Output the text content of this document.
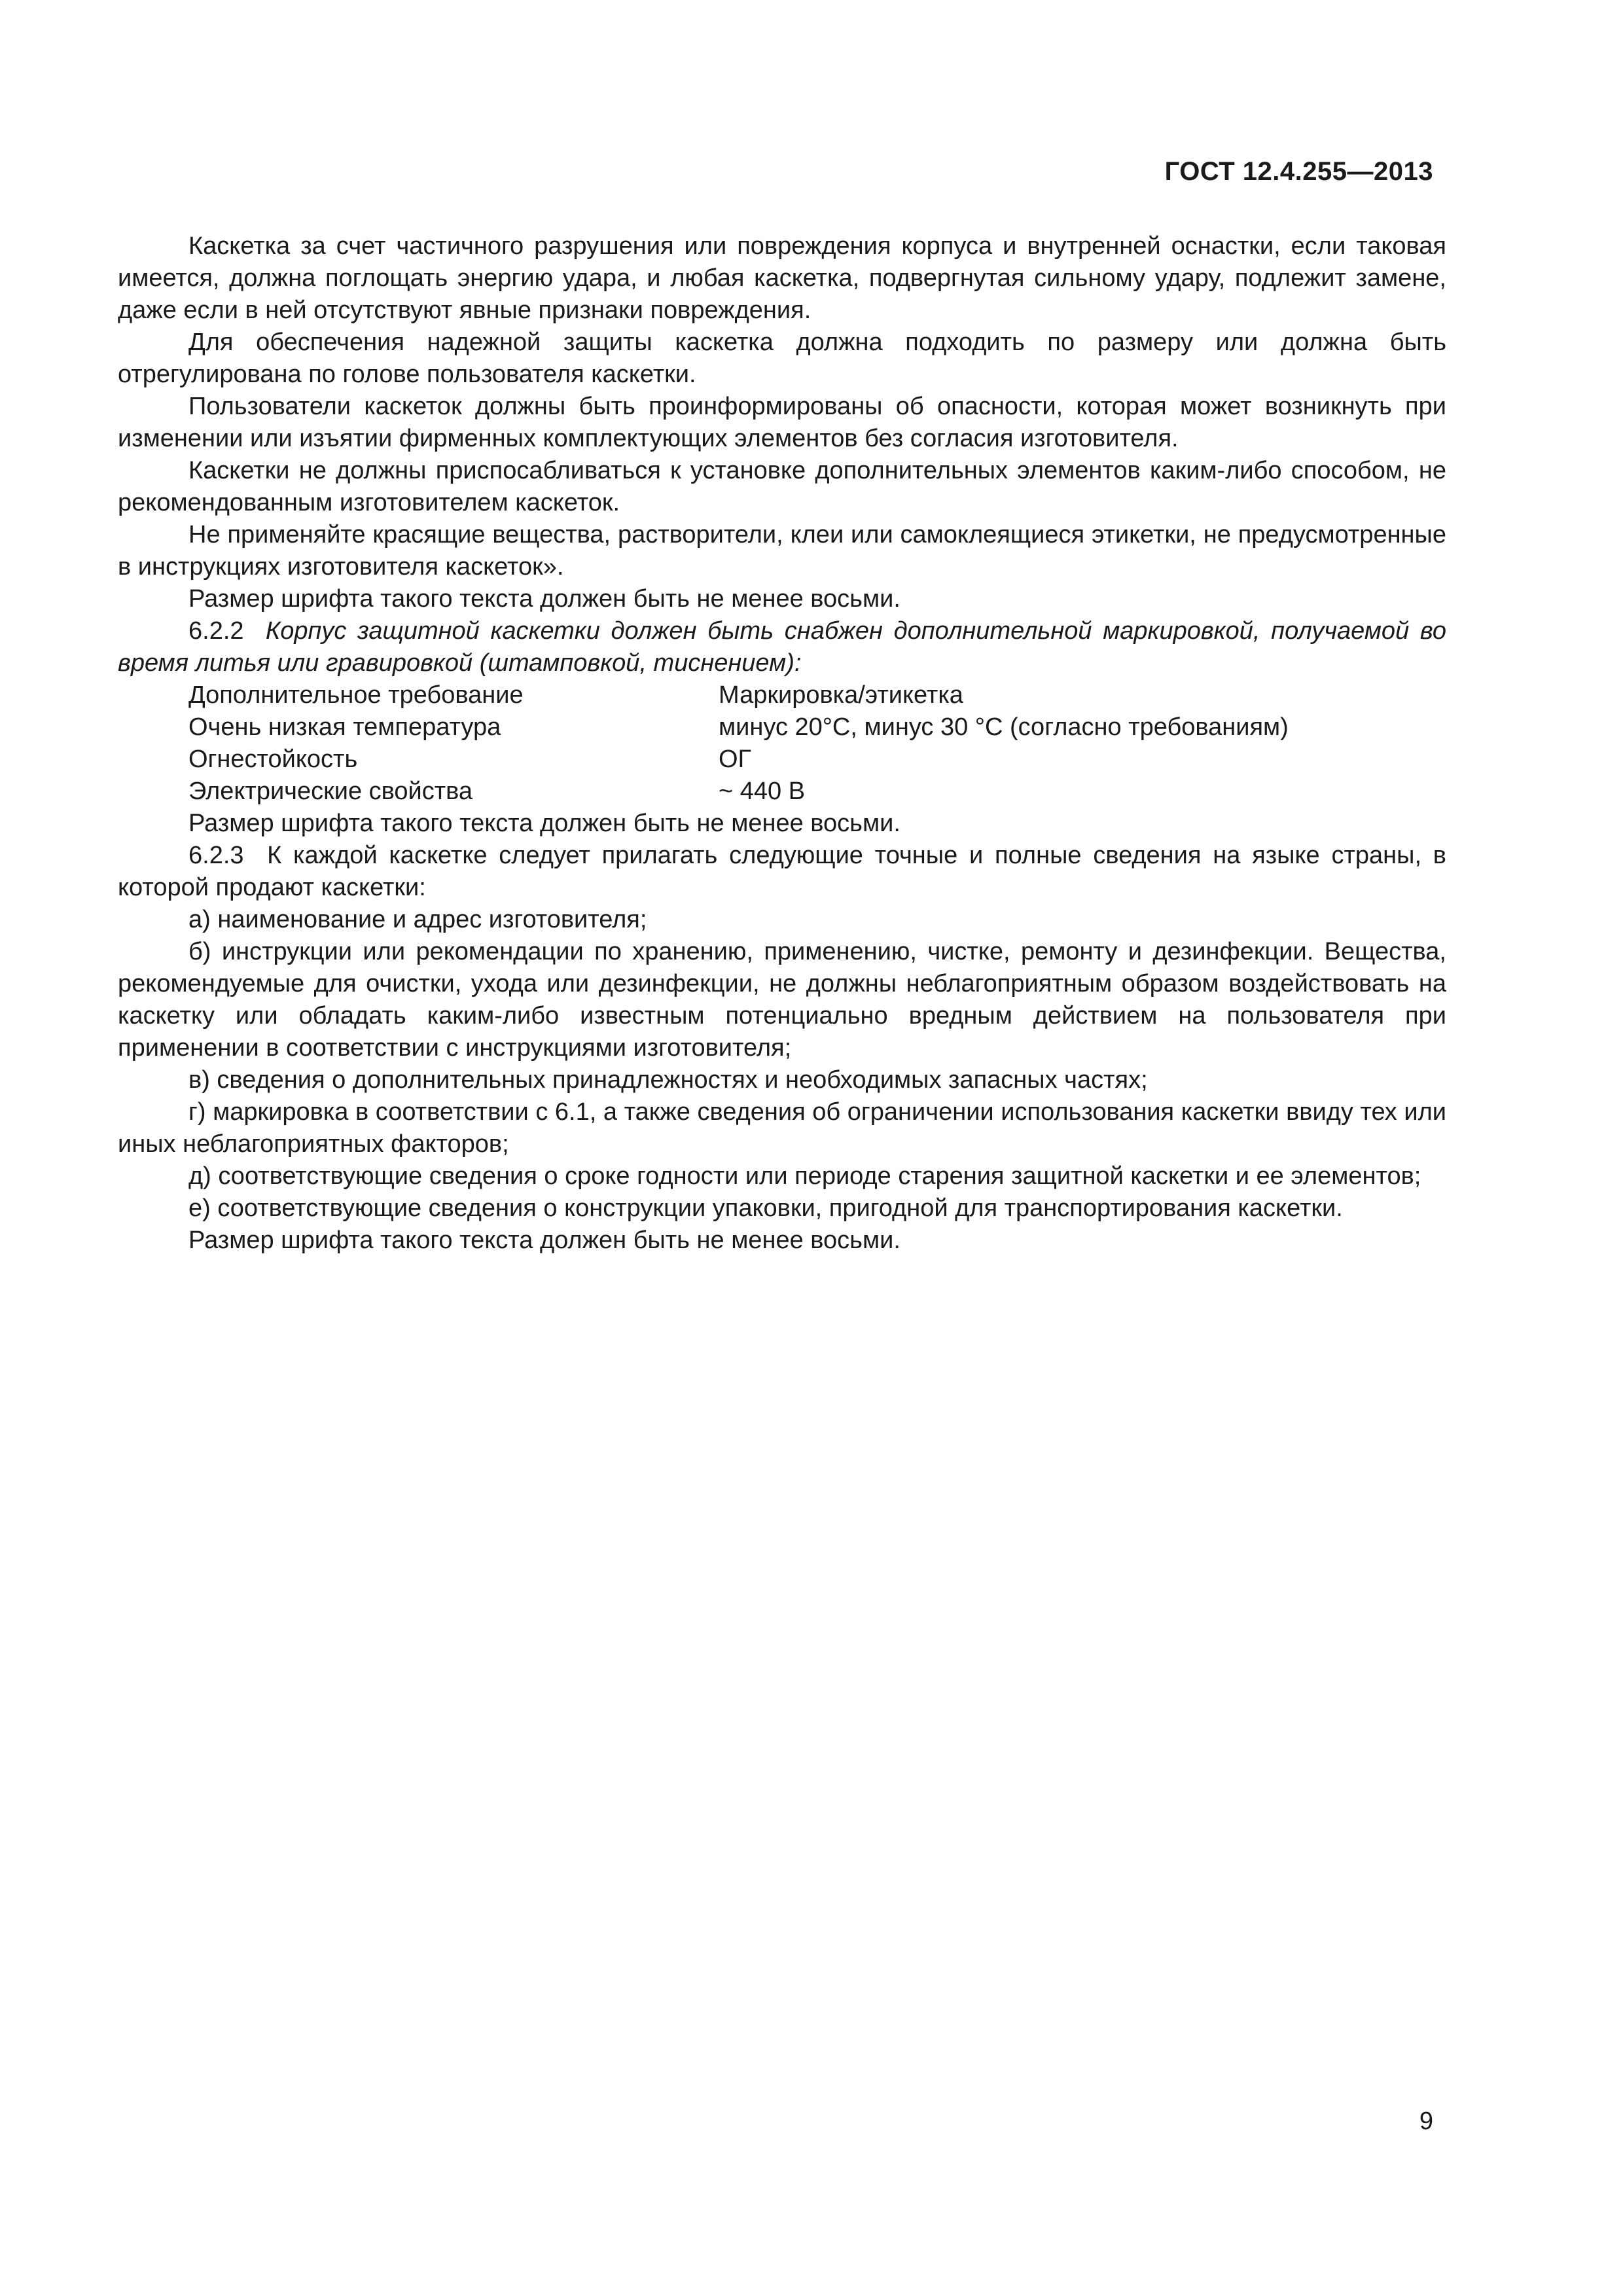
ГОСТ 12.4.255—2013

Каскетка за счет частичного разрушения или повреждения корпуса и внутренней оснастки, если таковая имеется, должна поглощать энергию удара, и любая каскетка, подвергнутая сильному удару, подлежит замене, даже если в ней отсутствуют явные признаки повреждения.

Для обеспечения надежной защиты каскетка должна подходить по размеру или должна быть отрегулирована по голове пользователя каскетки.

Пользователи каскеток должны быть проинформированы об опасности, которая может возникнуть при изменении или изъятии фирменных комплектующих элементов без согласия изготовителя.

Каскетки не должны приспосабливаться к установке дополнительных элементов каким-либо способом, не рекомендованным изготовителем каскеток.

Не применяйте красящие вещества, растворители, клеи или самоклеящиеся этикетки, не предусмотренные в инструкциях изготовителя каскеток».

Размер шрифта такого текста должен быть не менее восьми.

6.2.2 Корпус защитной каскетки должен быть снабжен дополнительной маркировкой, получаемой во время литья или гравировкой (штамповкой, тиснением):

Дополнительное требование	Маркировка/этикетка
Очень низкая температура	минус 20°С, минус 30 °С (согласно требованиям)
Огнестойкость	ОГ
Электрические свойства	~ 440 В

Размер шрифта такого текста должен быть не менее восьми.

6.2.3 К каждой каскетке следует прилагать следующие точные и полные сведения на языке страны, в которой продают каскетки:

а) наименование и адрес изготовителя;

б) инструкции или рекомендации по хранению, применению, чистке, ремонту и дезинфекции. Вещества, рекомендуемые для очистки, ухода или дезинфекции, не должны неблагоприятным образом воздействовать на каскетку или обладать каким-либо известным потенциально вредным действием на пользователя при применении в соответствии с инструкциями изготовителя;

в) сведения о дополнительных принадлежностях и необходимых запасных частях;

г) маркировка в соответствии с 6.1, а также сведения об ограничении использования каскетки ввиду тех или иных неблагоприятных факторов;

д) соответствующие сведения о сроке годности или периоде старения защитной каскетки и ее элементов;

е) соответствующие сведения о конструкции упаковки, пригодной для транспортирования каскетки.

Размер шрифта такого текста должен быть не менее восьми.

9
